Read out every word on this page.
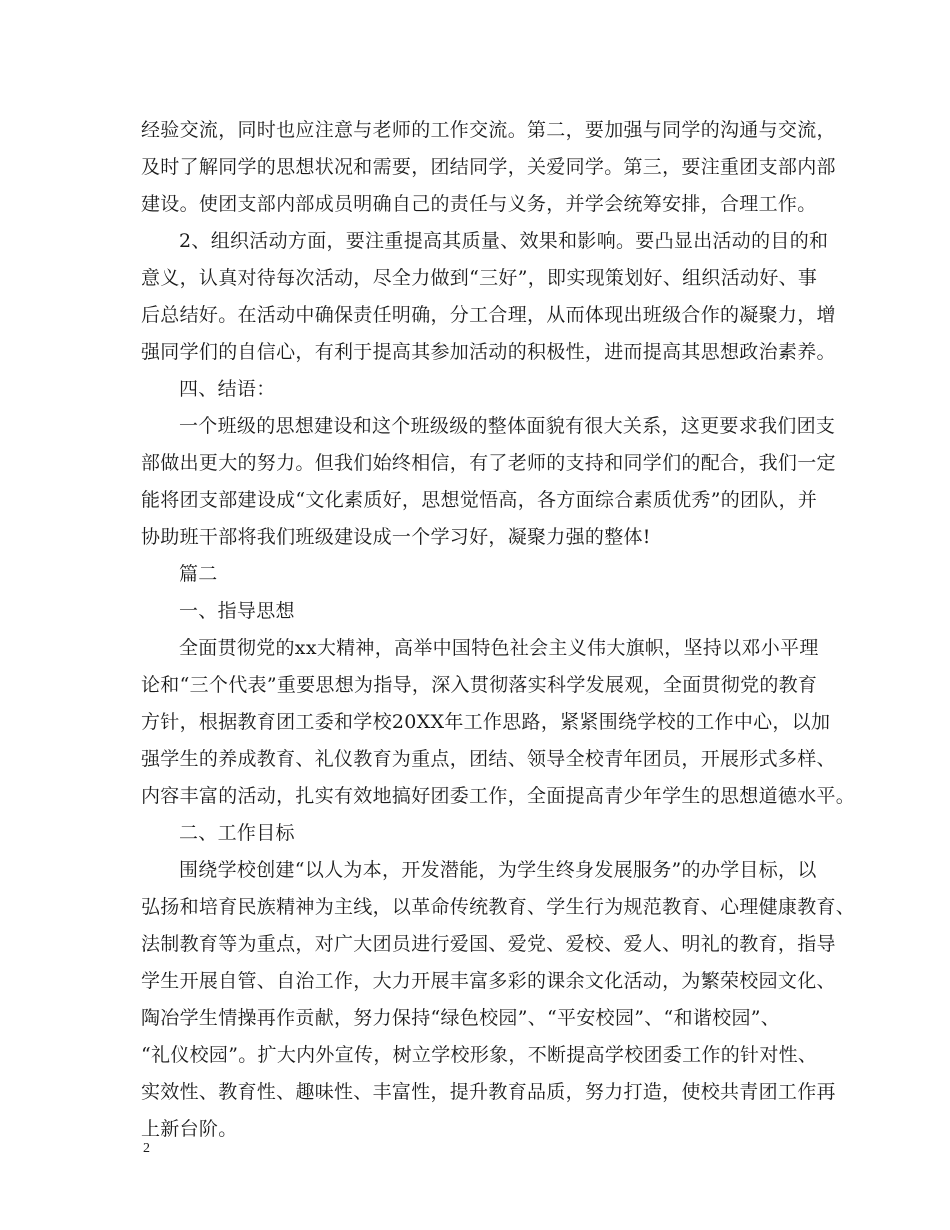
经验交流，同时也应注意与老师的工作交流。第二，要加强与同学的沟通与交流，
及时了解同学的思想状况和需要，团结同学，关爱同学。第三，要注重团支部内部
建设。使团支部内部成员明确自己的责任与义务，并学会统筹安排，合理工作。
2、组织活动方面，要注重提高其质量、效果和影响。要凸显出活动的目的和
意义，认真对待每次活动，尽全力做到“三好”，即实现策划好、组织活动好、事
后总结好。在活动中确保责任明确，分工合理，从而体现出班级合作的凝聚力，增
强同学们的自信心，有利于提高其参加活动的积极性，进而提高其思想政治素养。
四、结语：
一个班级的思想建设和这个班级级的整体面貌有很大关系，这更要求我们团支
部做出更大的努力。但我们始终相信，有了老师的支持和同学们的配合，我们一定
能将团支部建设成“文化素质好，思想觉悟高，各方面综合素质优秀”的团队，并
协助班干部将我们班级建设成一个学习好，凝聚力强的整体!
篇二
一、指导思想
全面贯彻党的xx大精神，高举中国特色社会主义伟大旗帜，坚持以邓小平理
论和“三个代表”重要思想为指导，深入贯彻落实科学发展观，全面贯彻党的教育
方针，根据教育团工委和学校20XX年工作思路，紧紧围绕学校的工作中心，以加
强学生的养成教育、礼仪教育为重点，团结、领导全校青年团员，开展形式多样、
内容丰富的活动，扎实有效地搞好团委工作，全面提高青少年学生的思想道德水平。
二、工作目标
围绕学校创建“以人为本，开发潜能，为学生终身发展服务”的办学目标，以
弘扬和培育民族精神为主线，以革命传统教育、学生行为规范教育、心理健康教育、
法制教育等为重点，对广大团员进行爱国、爱党、爱校、爱人、明礼的教育，指导
学生开展自管、自治工作，大力开展丰富多彩的课余文化活动，为繁荣校园文化、
陶冶学生情操再作贡献，努力保持“绿色校园”、“平安校园”、“和谐校园”、
“礼仪校园”。扩大内外宣传，树立学校形象，不断提高学校团委工作的针对性、
实效性、教育性、趣味性、丰富性，提升教育品质，努力打造，使校共青团工作再
上新台阶。
2
